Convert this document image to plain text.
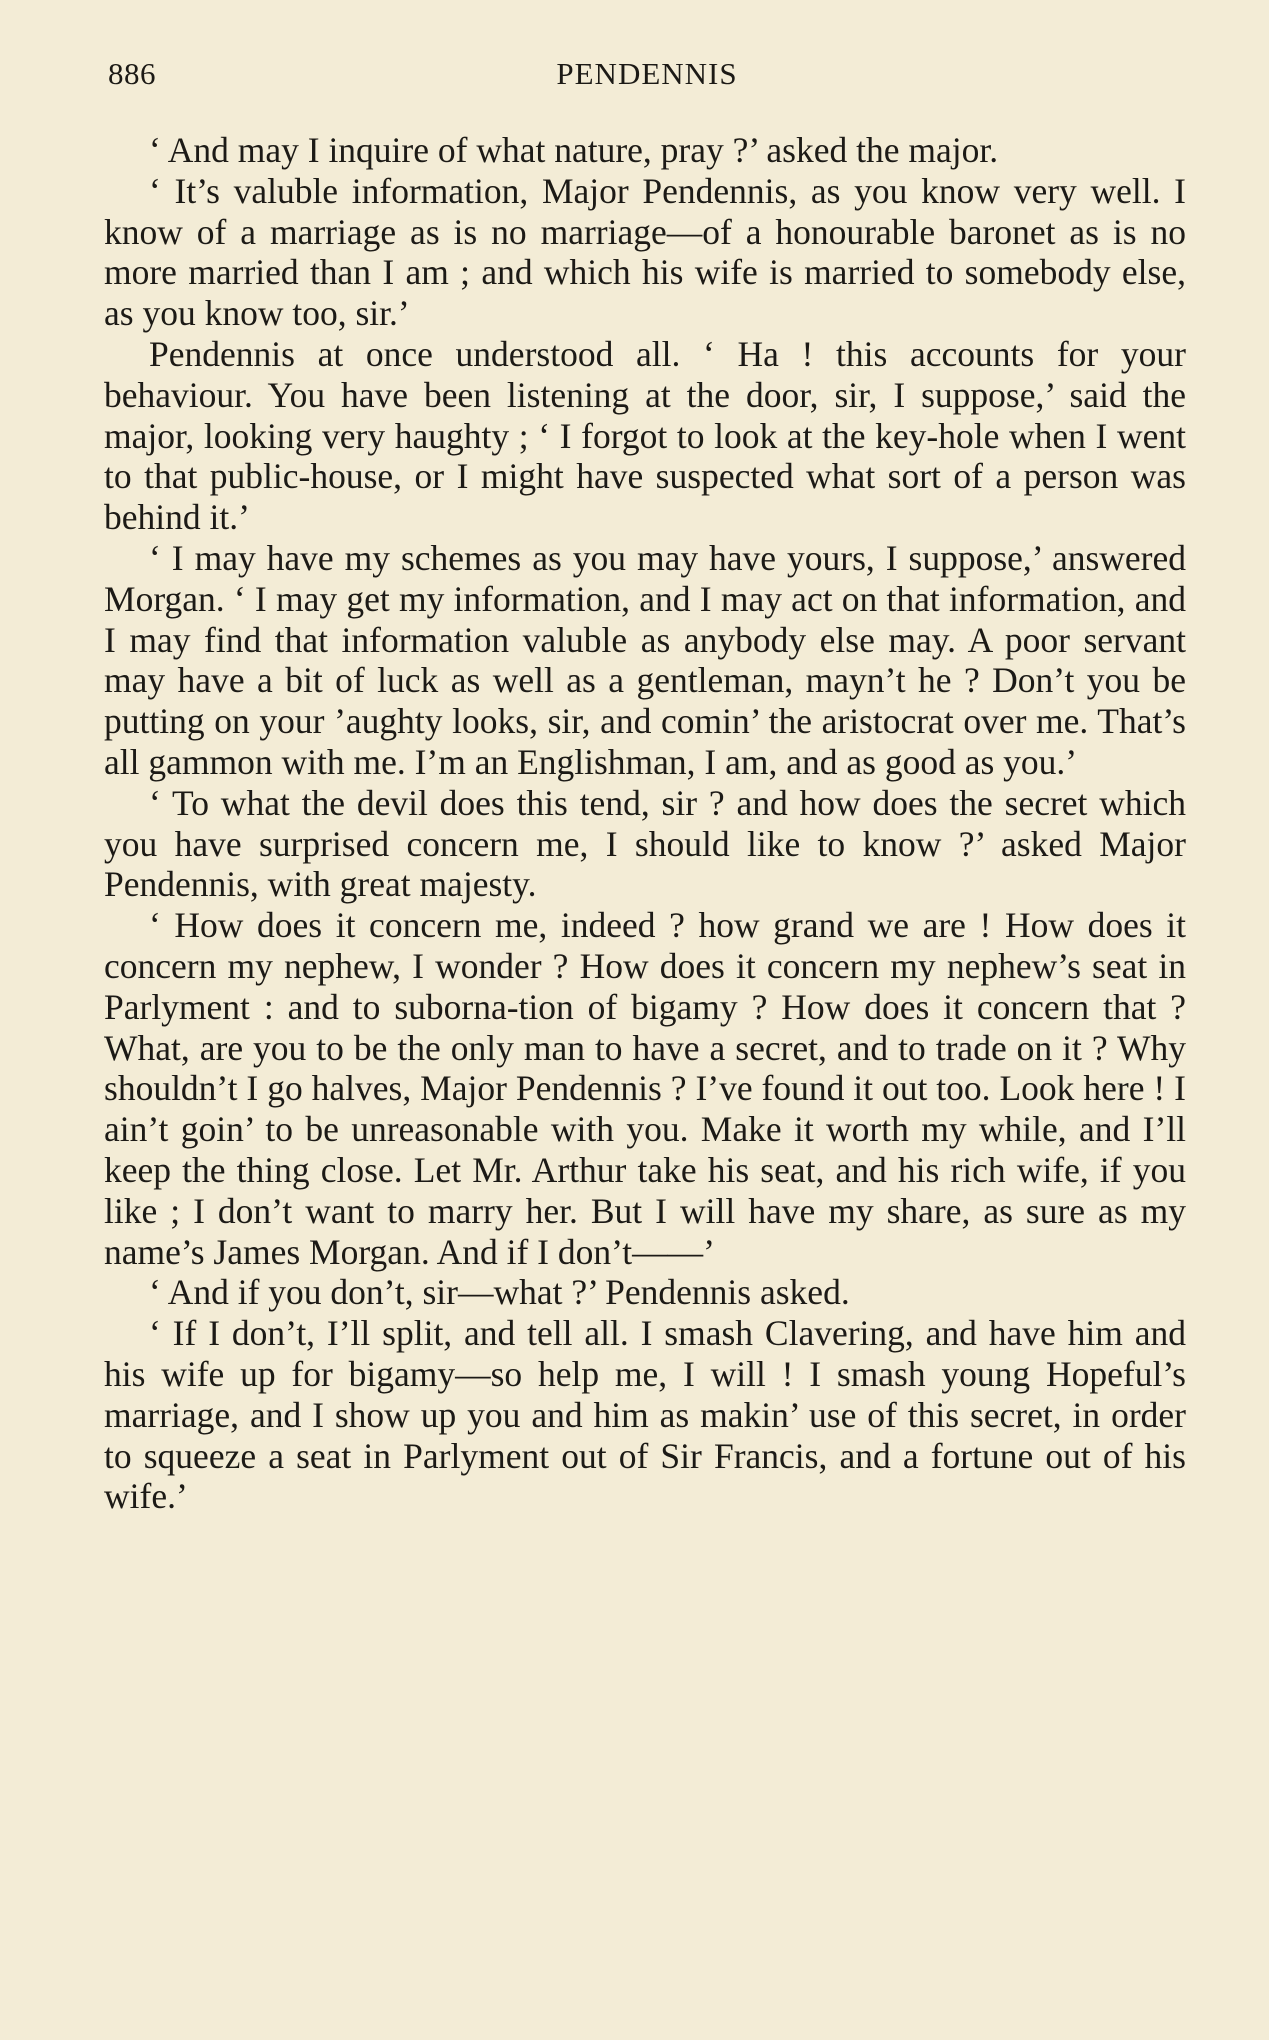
886	PENDENNIS

‘ And may I inquire of what nature, pray ?’ asked the major.

‘ It’s valuble information, Major Pendennis, as you know very well. I know of a marriage as is no marriage—of a honourable baronet as is no more married than I am ; and which his wife is married to somebody else, as you know too, sir.’

Pendennis at once understood all. ‘ Ha ! this accounts for your behaviour. You have been listening at the door, sir, I suppose,’ said the major, looking very haughty ; ‘ I forgot to look at the key-hole when I went to that public-house, or I might have suspected what sort of a person was behind it.’

‘ I may have my schemes as you may have yours, I suppose,’ answered Morgan. ‘ I may get my information, and I may act on that information, and I may find that information valuble as anybody else may. A poor servant may have a bit of luck as well as a gentleman, mayn’t he ? Don’t you be putting on your ’aughty looks, sir, and comin’ the aristocrat over me. That’s all gammon with me. I’m an Englishman, I am, and as good as you.’

‘ To what the devil does this tend, sir ? and how does the secret which you have surprised concern me, I should like to know ?’ asked Major Pendennis, with great majesty.

‘ How does it concern me, indeed ? how grand we are ! How does it concern my nephew, I wonder ? How does it concern my nephew’s seat in Parlyment : and to suborna-tion of bigamy ? How does it concern that ? What, are you to be the only man to have a secret, and to trade on it ? Why shouldn’t I go halves, Major Pendennis ? I’ve found it out too. Look here ! I ain’t goin’ to be unreasonable with you. Make it worth my while, and I’ll keep the thing close. Let Mr. Arthur take his seat, and his rich wife, if you like ; I don’t want to marry her. But I will have my share, as sure as my name’s James Morgan. And if I don’t——’

‘ And if you don’t, sir—what ?’ Pendennis asked.

‘ If I don’t, I’ll split, and tell all. I smash Clavering, and have him and his wife up for bigamy—so help me, I will ! I smash young Hopeful’s marriage, and I show up you and him as makin’ use of this secret, in order to squeeze a seat in Parlyment out of Sir Francis, and a fortune out of his wife.’
